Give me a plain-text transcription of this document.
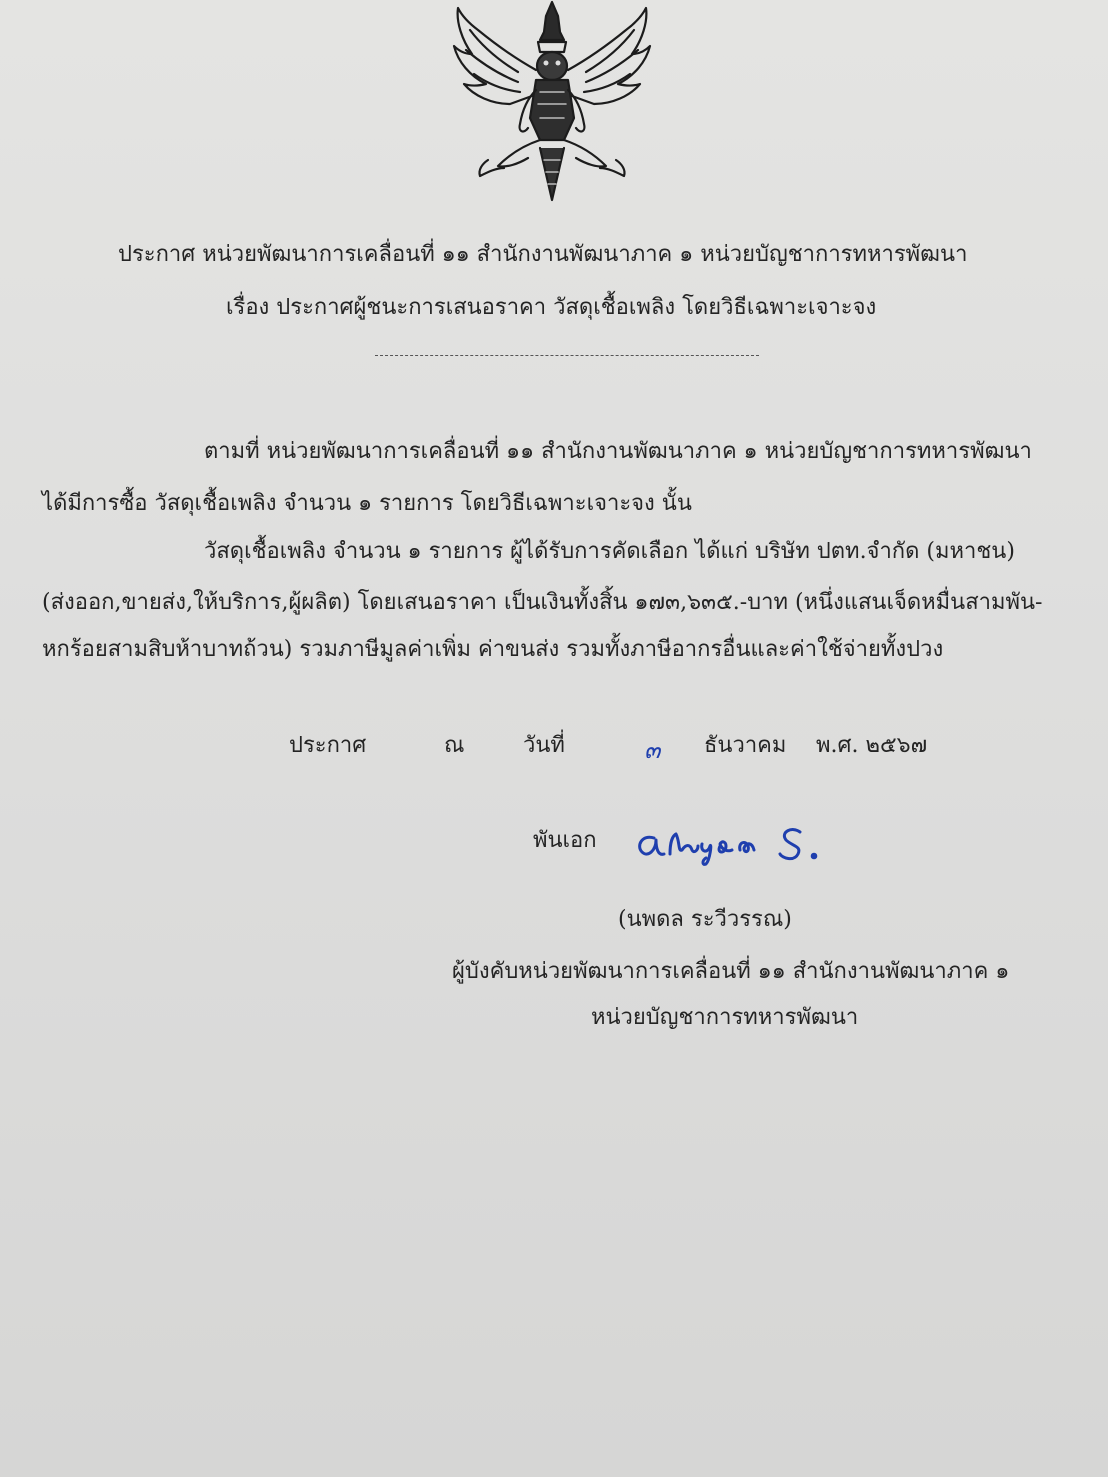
ประกาศ หน่วยพัฒนาการเคลื่อนที่ ๑๑ สำนักงานพัฒนาภาค ๑ หน่วยบัญชาการทหารพัฒนา
เรื่อง ประกาศผู้ชนะการเสนอราคา วัสดุเชื้อเพลิง โดยวิธีเฉพาะเจาะจง
ตามที่ หน่วยพัฒนาการเคลื่อนที่ ๑๑ สำนักงานพัฒนาภาค ๑ หน่วยบัญชาการทหารพัฒนา
ได้มีการซื้อ วัสดุเชื้อเพลิง จำนวน ๑ รายการ โดยวิธีเฉพาะเจาะจง นั้น
วัสดุเชื้อเพลิง จำนวน ๑ รายการ ผู้ได้รับการคัดเลือก ได้แก่ บริษัท ปตท.จำกัด (มหาชน)
(ส่งออก,ขายส่ง,ให้บริการ,ผู้ผลิต) โดยเสนอราคา เป็นเงินทั้งสิ้น ๑๗๓,๖๓๕.-บาท (หนึ่งแสนเจ็ดหมื่นสามพัน-
หกร้อยสามสิบห้าบาทถ้วน) รวมภาษีมูลค่าเพิ่ม ค่าขนส่ง รวมทั้งภาษีอากรอื่นและค่าใช้จ่ายทั้งปวง
ประกาศ	ณ	วันที่	๓ ธันวาคม พ.ศ. ๒๕๖๗
พันเอก
(นพดล ระวีวรรณ)
ผู้บังคับหน่วยพัฒนาการเคลื่อนที่ ๑๑ สำนักงานพัฒนาภาค ๑
หน่วยบัญชาการทหารพัฒนา
